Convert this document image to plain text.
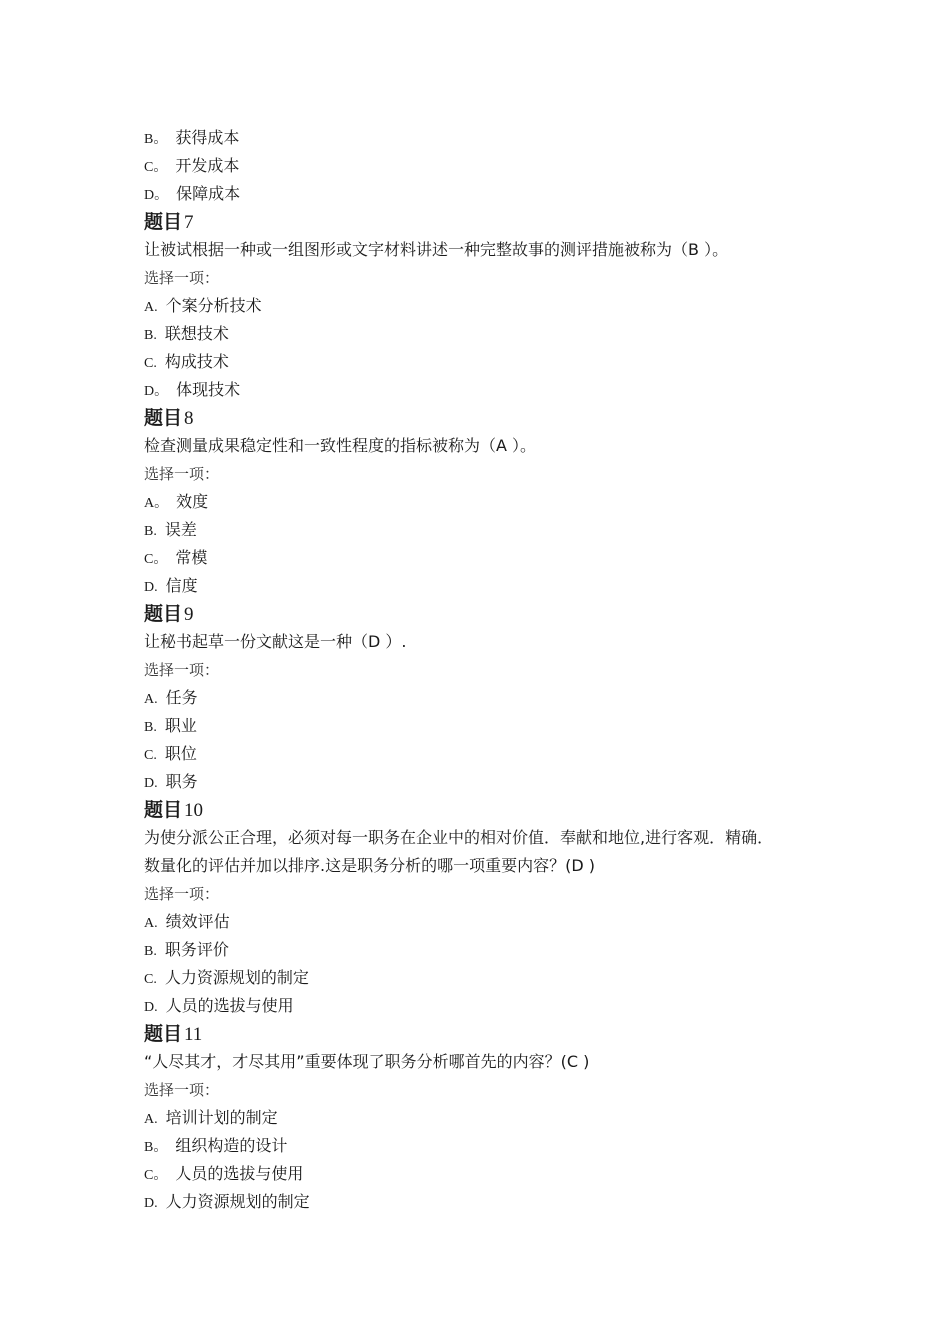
B。 获得成本
C。 开发成本
D。 保障成本
题目 7
让被试根据一种或一组图形或文字材料讲述一种完整故事的测评措施被称为（B ）。
选择一项：
A. 个案分析技术
B. 联想技术
C. 构成技术
D。 体现技术
题目 8
检查测量成果稳定性和一致性程度的指标被称为（A ）。
选择一项：
A。 效度
B. 误差
C。 常模
D. 信度
题目 9
让秘书起草一份文献这是一种（D ）.
选择一项：
A. 任务
B. 职业
C. 职位
D. 职务
题目 10
为使分派公正合理，必须对每一职务在企业中的相对价值．奉献和地位,进行客观．精确．
数量化的评估并加以排序.这是职务分析的哪一项重要内容？(D )
选择一项：
A. 绩效评估
B. 职务评价
C. 人力资源规划的制定
D. 人员的选拔与使用
题目 11
“人尽其才，才尽其用”重要体现了职务分析哪首先的内容？(C )
选择一项：
A. 培训计划的制定
B。 组织构造的设计
C。 人员的选拔与使用
D. 人力资源规划的制定
